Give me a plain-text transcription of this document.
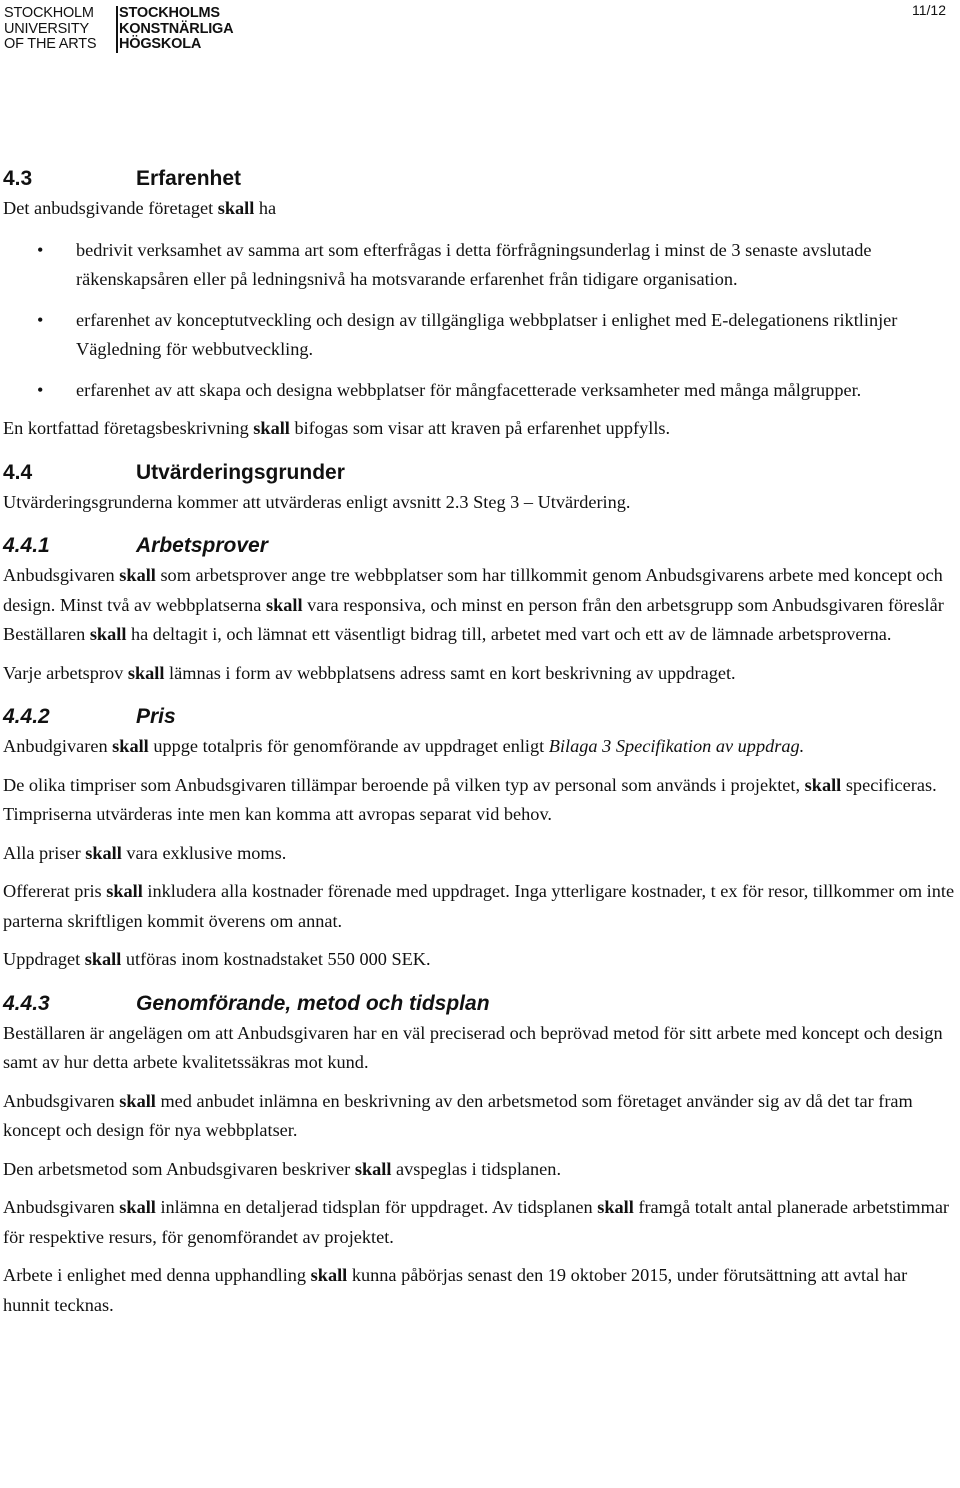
STOCKHOLM	STOCKHOLMS
UNIVERSITY	KONSTNÄRLIGA
OF THE ARTS	HÖGSKOLA
11/12
4.3	Erfarenhet

Det anbudsgivande företaget skall ha

• bedrivit verksamhet av samma art som efterfrågas i detta förfrågningsunderlag i minst de 3 senaste avslutade räkenskapsåren eller på ledningsnivå ha motsvarande erfarenhet från tidigare organisation.
• erfarenhet av konceptutveckling och design av tillgängliga webbplatser i enlighet med E-delegationens riktlinjer Vägledning för webbutveckling.
• erfarenhet av att skapa och designa webbplatser för mångfacetterade verksamheter med många målgrupper.

En kortfattad företagsbeskrivning skall bifogas som visar att kraven på erfarenhet uppfylls.

4.4	Utvärderingsgrunder

Utvärderingsgrunderna kommer att utvärderas enligt avsnitt 2.3 Steg 3 – Utvärdering.

4.4.1	Arbetsprover

Anbudsgivaren skall som arbetsprover ange tre webbplatser som har tillkommit genom Anbudsgivarens arbete med koncept och design. Minst två av webbplatserna skall vara responsiva, och minst en person från den arbetsgrupp som Anbudsgivaren föreslår Beställaren skall ha deltagit i, och lämnat ett väsentligt bidrag till, arbetet med vart och ett av de lämnade arbetsproverna.

Varje arbetsprov skall lämnas i form av webbplatsens adress samt en kort beskrivning av uppdraget.

4.4.2	Pris

Anbudgivaren skall uppge totalpris för genomförande av uppdraget enligt Bilaga 3 Specifikation av uppdrag.

De olika timpriser som Anbudsgivaren tillämpar beroende på vilken typ av personal som används i projektet, skall specificeras. Timpriserna utvärderas inte men kan komma att avropas separat vid behov.

Alla priser skall vara exklusive moms.

Offererat pris skall inkludera alla kostnader förenade med uppdraget. Inga ytterligare kostnader, t ex för resor, tillkommer om inte parterna skriftligen kommit överens om annat.

Uppdraget skall utföras inom kostnadstaket 550 000 SEK.

4.4.3	Genomförande, metod och tidsplan

Beställaren är angelägen om att Anbudsgivaren har en väl preciserad och beprövad metod för sitt arbete med koncept och design samt av hur detta arbete kvalitetssäkras mot kund.

Anbudsgivaren skall med anbudet inlämna en beskrivning av den arbetsmetod som företaget använder sig av då det tar fram koncept och design för nya webbplatser.

Den arbetsmetod som Anbudsgivaren beskriver skall avspeglas i tidsplanen.

Anbudsgivaren skall inlämna en detaljerad tidsplan för uppdraget. Av tidsplanen skall framgå totalt antal planerade arbetstimmar för respektive resurs, för genomförandet av projektet.

Arbete i enlighet med denna upphandling skall kunna påbörjas senast den 19 oktober 2015, under förutsättning att avtal har hunnit tecknas.
